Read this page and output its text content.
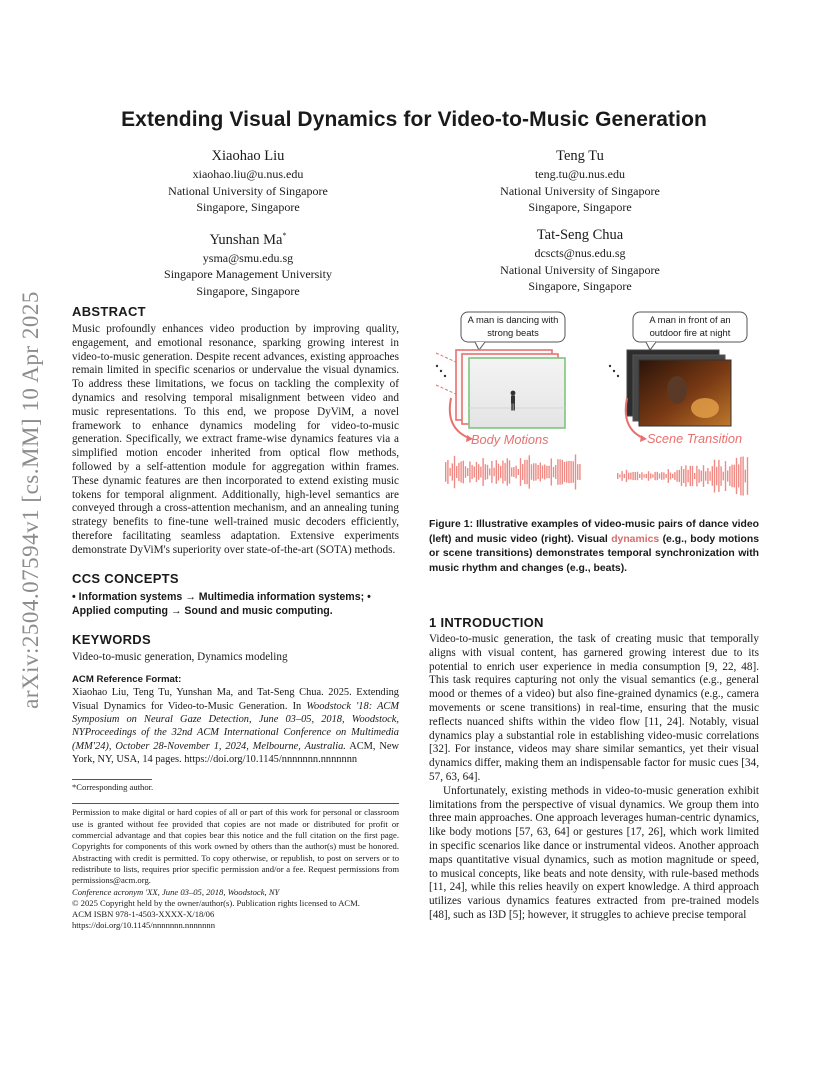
arXiv:2504.07594v1 [cs.MM] 10 Apr 2025
Extending Visual Dynamics for Video-to-Music Generation
Xiaohao Liu
xiaohao.liu@u.nus.edu
National University of Singapore
Singapore, Singapore
Teng Tu
teng.tu@u.nus.edu
National University of Singapore
Singapore, Singapore
Yunshan Ma*
ysma@smu.edu.sg
Singapore Management University
Singapore, Singapore
Tat-Seng Chua
dcscts@nus.edu.sg
National University of Singapore
Singapore, Singapore
ABSTRACT
Music profoundly enhances video production by improving quality, engagement, and emotional resonance, sparking growing interest in video-to-music generation. Despite recent advances, existing approaches remain limited in specific scenarios or undervalue the visual dynamics. To address these limitations, we focus on tackling the complexity of dynamics and resolving temporal misalignment between video and music representations. To this end, we propose DyViM, a novel framework to enhance dynamics modeling for video-to-music generation. Specifically, we extract frame-wise dynamics features via a simplified motion encoder inherited from optical flow methods, followed by a self-attention module for aggregation within frames. These dynamic features are then incorporated to extend existing music tokens for temporal alignment. Additionally, high-level semantics are conveyed through a cross-attention mechanism, and an annealing tuning strategy benefits to fine-tune well-trained music decoders efficiently, therefore facilitating seamless adaptation. Extensive experiments demonstrate DyViM's superiority over state-of-the-art (SOTA) methods.
CCS CONCEPTS
• Information systems → Multimedia information systems; • Applied computing → Sound and music computing.
KEYWORDS
Video-to-music generation, Dynamics modeling
ACM Reference Format:
Xiaohao Liu, Teng Tu, Yunshan Ma, and Tat-Seng Chua. 2025. Extending Visual Dynamics for Video-to-Music Generation. In Woodstock '18: ACM Symposium on Neural Gaze Detection, June 03–05, 2018, Woodstock, NYProceedings of the 32nd ACM International Conference on Multimedia (MM'24), October 28-November 1, 2024, Melbourne, Australia. ACM, New York, NY, USA, 14 pages. https://doi.org/10.1145/nnnnnnn.nnnnnnn
*Corresponding author.
Permission to make digital or hard copies of all or part of this work for personal or classroom use is granted without fee provided that copies are not made or distributed for profit or commercial advantage and that copies bear this notice and the full citation on the first page. Copyrights for components of this work owned by others than the author(s) must be honored. Abstracting with credit is permitted. To copy otherwise, or republish, to post on servers or to redistribute to lists, requires prior specific permission and/or a fee. Request permissions from permissions@acm.org.
Conference acronym 'XX, June 03–05, 2018, Woodstock, NY
© 2025 Copyright held by the owner/author(s). Publication rights licensed to ACM.
ACM ISBN 978-1-4503-XXXX-X/18/06
https://doi.org/10.1145/nnnnnnn.nnnnnnn
A man is dancing with strong beats
A man in front of an outdoor fire at night
Body Motions	Scene Transition
Figure 1: Illustrative examples of video-music pairs of dance video (left) and music video (right). Visual dynamics (e.g., body motions or scene transitions) demonstrates temporal synchronization with music rhythm and changes (e.g., beats).
1 INTRODUCTION
Video-to-music generation, the task of creating music that temporally aligns with visual content, has garnered growing interest due to its potential to enrich user experience in media consumption [9, 22, 48]. This task requires capturing not only the visual semantics (e.g., general mood or themes of a video) but also fine-grained dynamics (e.g., camera movements or scene transitions) in real-time, ensuring that the music reflects nuanced shifts within the video flow [11, 24]. Notably, visual dynamics play a substantial role in establishing video-music correlations [32]. For instance, videos may share similar semantics, yet their visual dynamics differ, making them an indispensable factor for music cues [34, 57, 63, 64].
Unfortunately, existing methods in video-to-music generation exhibit limitations from the perspective of visual dynamics. We group them into three main approaches. One approach leverages human-centric dynamics, like body motions [57, 63, 64] or gestures [17, 26], which work limited in specific scenarios like dance or instrumental videos. Another approach maps quantitative visual dynamics, such as motion magnitude or speed, to musical concepts, like beats and note density, with rule-based methods [11, 24], while this relies heavily on expert knowledge. A third approach utilizes various dynamics features extracted from pre-trained models [48], such as I3D [5]; however, it struggles to achieve precise temporal
